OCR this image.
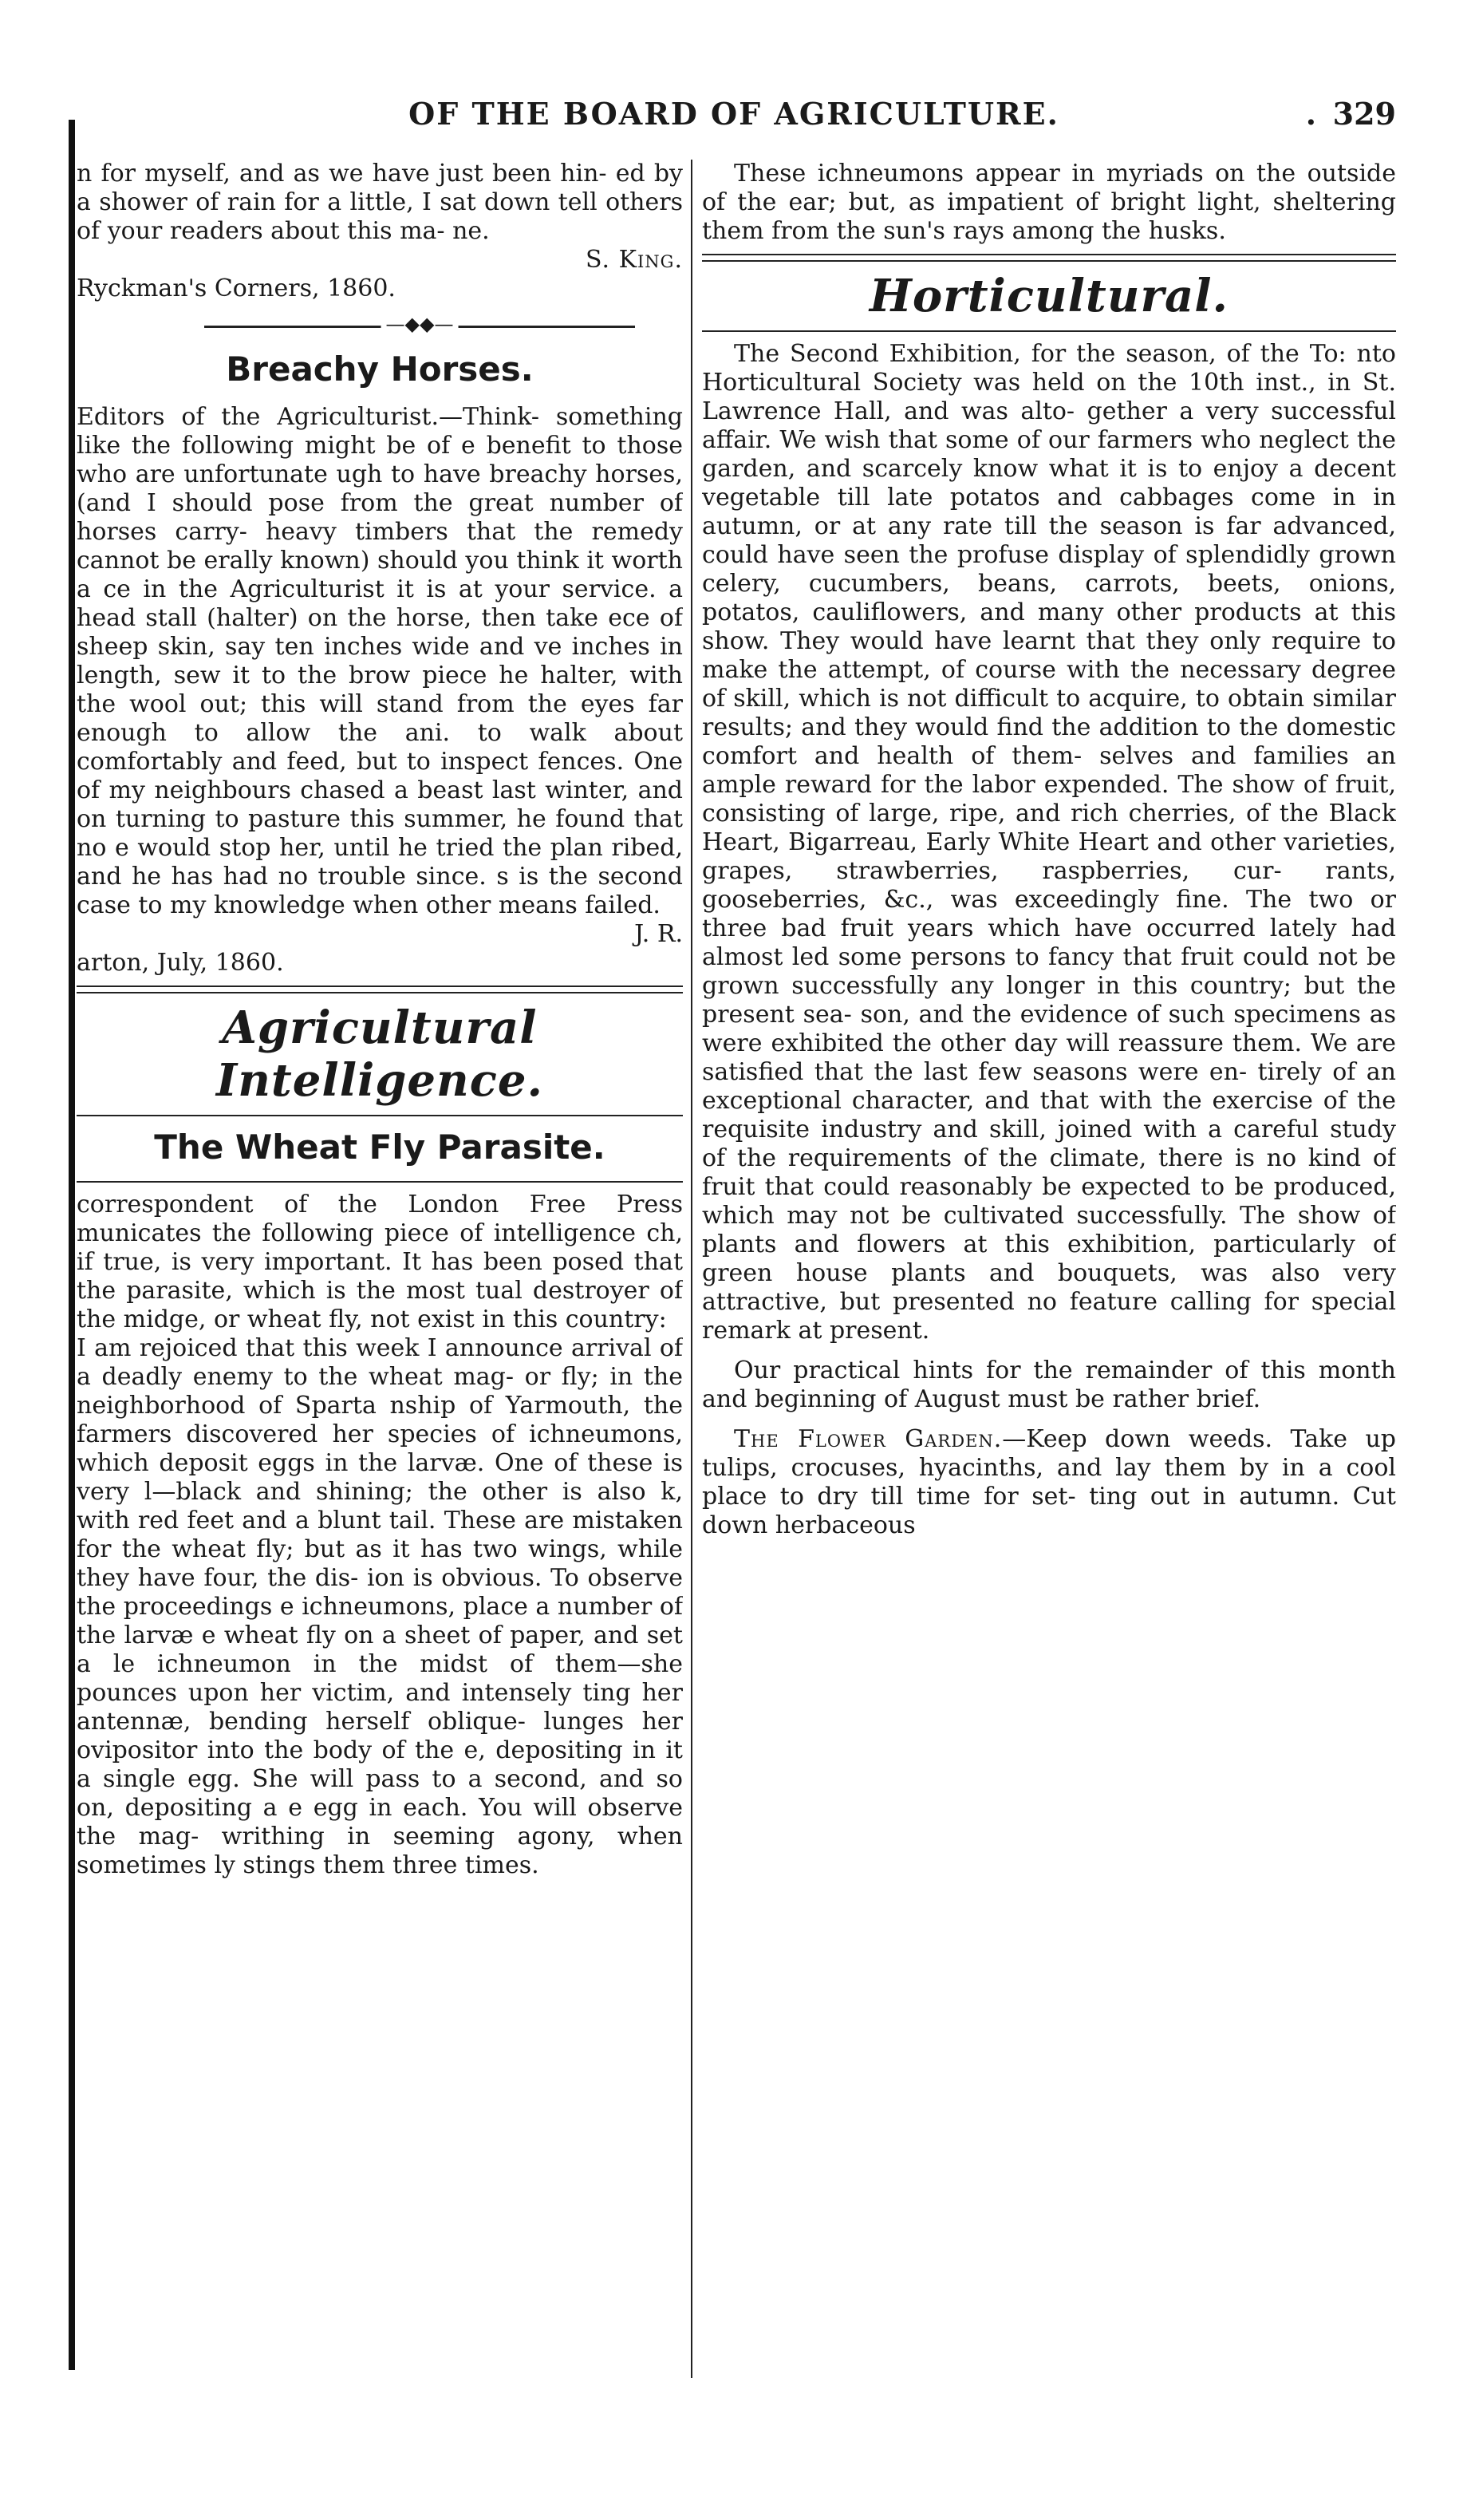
OF THE BOARD OF AGRICULTURE.	. 329

n for myself, and as we have just been hin- ed by a shower of rain for a little, I sat down tell others of your readers about this ma- ne.

S. King.

Ryckman's Corners, 1860.

—◆◆—
Breachy Horses.

Editors of the Agriculturist.—Think- something like the following might be of e benefit to those who are unfortunate ugh to have breachy horses, (and I should pose from the great number of horses carry- heavy timbers that the remedy cannot be erally known) should you think it worth a ce in the Agriculturist it is at your service. a head stall (halter) on the horse, then take ece of sheep skin, say ten inches wide and ve inches in length, sew it to the brow piece he halter, with the wool out; this will stand from the eyes far enough to allow the ani. to walk about comfortably and feed, but to inspect fences. One of my neighbours chased a beast last winter, and on turning to pasture this summer, he found that no e would stop her, until he tried the plan ribed, and he has had no trouble since. s is the second case to my knowledge when other means failed.

J. R.

arton, July, 1860.

Agricultural Intelligence.
The Wheat Fly Parasite.

correspondent of the London Free Press municates the following piece of intelligence ch, if true, is very important. It has been posed that the parasite, which is the most tual destroyer of the midge, or wheat fly, not exist in this country:

I am rejoiced that this week I announce arrival of a deadly enemy to the wheat mag- or fly; in the neighborhood of Sparta nship of Yarmouth, the farmers discovered her species of ichneumons, which deposit eggs in the larvæ. One of these is very l—black and shining; the other is also k, with red feet and a blunt tail. These are mistaken for the wheat fly; but as it has two wings, while they have four, the dis- ion is obvious. To observe the proceedings e ichneumons, place a number of the larvæ e wheat fly on a sheet of paper, and set a le ichneumon in the midst of them—she pounces upon her victim, and intensely ting her antennæ, bending herself oblique- lunges her ovipositor into the body of the e, depositing in it a single egg. She will pass to a second, and so on, depositing a e egg in each. You will observe the mag- writhing in seeming agony, when sometimes ly stings them three times.

These ichneumons appear in myriads on the outside of the ear; but, as impatient of bright light, sheltering them from the sun's rays among the husks.

Horticultural.

The Second Exhibition, for the season, of the To: nto Horticultural Society was held on the 10th inst., in St. Lawrence Hall, and was alto- gether a very successful affair. We wish that some of our farmers who neglect the garden, and scarcely know what it is to enjoy a decent vegetable till late potatos and cabbages come in in autumn, or at any rate till the season is far advanced, could have seen the profuse display of splendidly grown celery, cucumbers, beans, carrots, beets, onions, potatos, cauliflowers, and many other products at this show. They would have learnt that they only require to make the attempt, of course with the necessary degree of skill, which is not difficult to acquire, to obtain similar results; and they would find the addition to the domestic comfort and health of them- selves and families an ample reward for the labor expended. The show of fruit, consisting of large, ripe, and rich cherries, of the Black Heart, Bigarreau, Early White Heart and other varieties, grapes, strawberries, raspberries, cur- rants, gooseberries, &c., was exceedingly fine. The two or three bad fruit years which have occurred lately had almost led some persons to fancy that fruit could not be grown successfully any longer in this country; but the present sea- son, and the evidence of such specimens as were exhibited the other day will reassure them. We are satisfied that the last few seasons were en- tirely of an exceptional character, and that with the exercise of the requisite industry and skill, joined with a careful study of the requirements of the climate, there is no kind of fruit that could reasonably be expected to be produced, which may not be cultivated successfully. The show of plants and flowers at this exhibition, particularly of green house plants and bouquets, was also very attractive, but presented no feature calling for special remark at present.

Our practical hints for the remainder of this month and beginning of August must be rather brief.

The Flower Garden.—Keep down weeds. Take up tulips, crocuses, hyacinths, and lay them by in a cool place to dry till time for set- ting out in autumn. Cut down herbaceous
